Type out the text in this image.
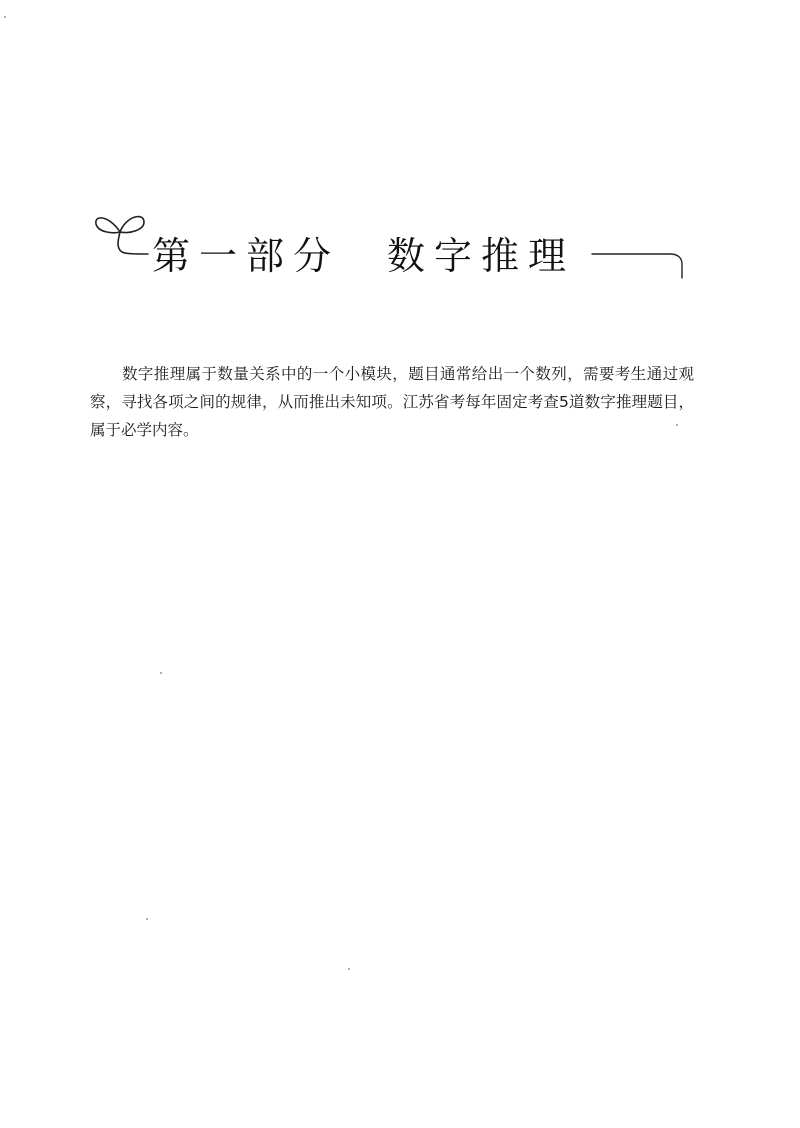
第一部分　 数字推理

数字推理属于数量关系中的一个小模块，题目通常给出一个数列，需要考生通过观察，寻找各项之间的规律，从而推出未知项。江苏省考每年固定考查5道数字推理题目，属于必学内容。
